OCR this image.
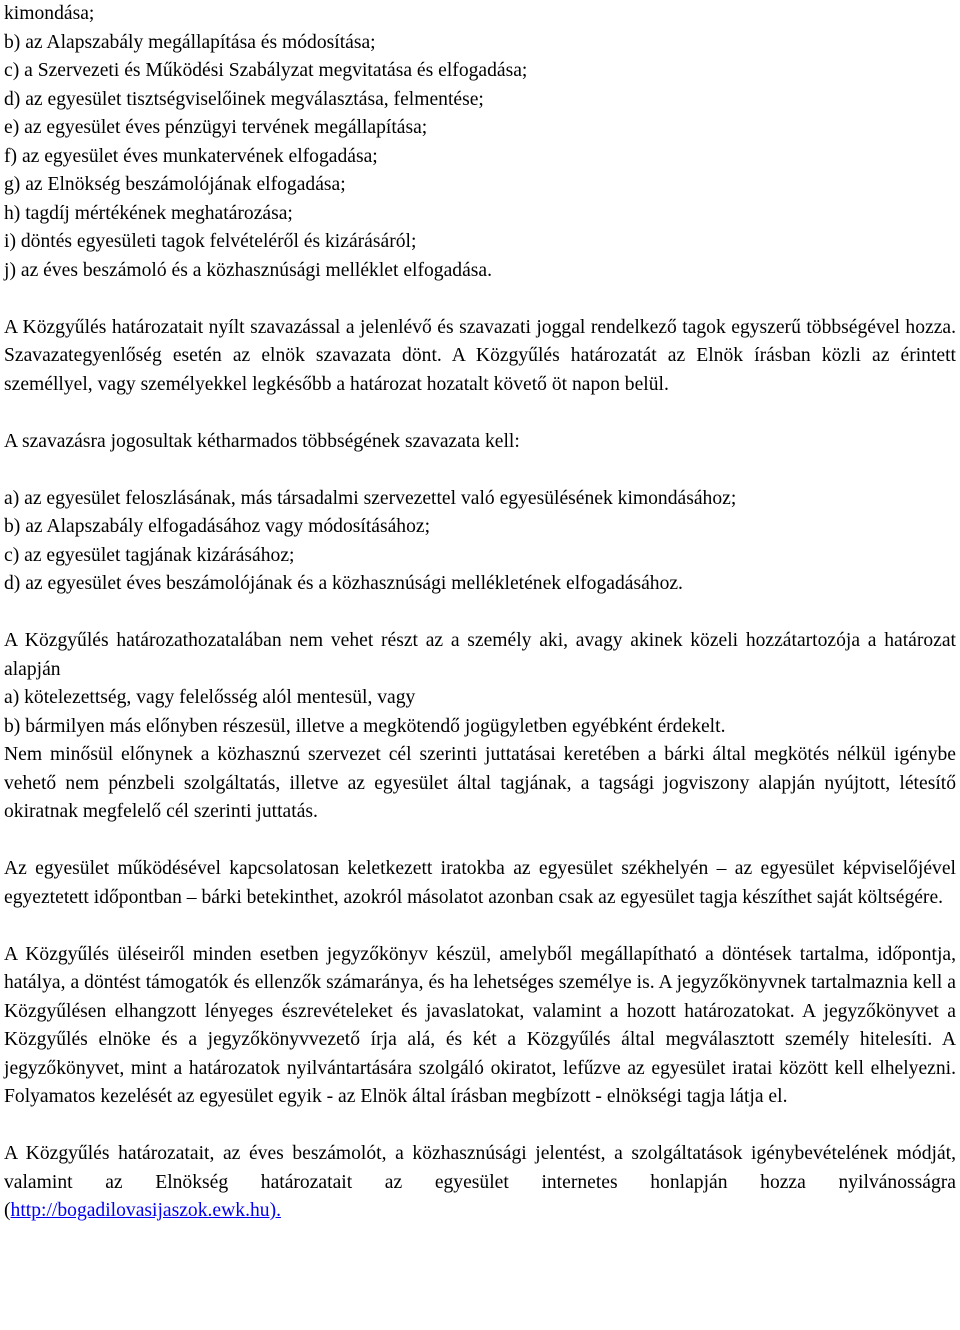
kimondása;
b) az Alapszabály megállapítása és módosítása;
c) a Szervezeti és Működési Szabályzat megvitatása és elfogadása;
d) az egyesület tisztségviselőinek megválasztása, felmentése;
e) az egyesület éves pénzügyi tervének megállapítása;
f) az egyesület éves munkatervének elfogadása;
g) az Elnökség beszámolójának elfogadása;
h) tagdíj mértékének meghatározása;
i) döntés egyesületi tagok felvételéről és kizárásáról;
j) az éves beszámoló és a közhasznúsági melléklet elfogadása.

A Közgyűlés határozatait nyílt szavazással a jelenlévő és szavazati joggal rendelkező tagok egyszerű többségével hozza. Szavazategyenlőség esetén az elnök szavazata dönt. A Közgyűlés határozatát az Elnök írásban közli az érintett személlyel, vagy személyekkel legkésőbb a határozat hozatalt követő öt napon belül.

A szavazásra jogosultak kétharmados többségének szavazata kell:

a) az egyesület feloszlásának, más társadalmi szervezettel való egyesülésének kimondásához;
b) az Alapszabály elfogadásához vagy módosításához;
c) az egyesület tagjának kizárásához;
d) az egyesület éves beszámolójának és a közhasznúsági mellékletének elfogadásához.

A Közgyűlés határozathozatalában nem vehet részt az a személy aki, avagy akinek közeli hozzátartozója a határozat alapján

a) kötelezettség, vagy felelősség alól mentesül, vagy
b) bármilyen más előnyben részesül, illetve a megkötendő jogügyletben egyébként érdekelt.

Nem minősül előnynek a közhasznú szervezet cél szerinti juttatásai keretében a bárki által megkötés nélkül igénybe vehető nem pénzbeli szolgáltatás, illetve az egyesület által tagjának, a tagsági jogviszony alapján nyújtott, létesítő okiratnak megfelelő cél szerinti juttatás.

Az egyesület működésével kapcsolatosan keletkezett iratokba az egyesület székhelyén – az egyesület képviselőjével egyeztetett időpontban – bárki betekinthet, azokról másolatot azonban csak az egyesület tagja készíthet saját költségére.

A Közgyűlés üléseiről minden esetben jegyzőkönyv készül, amelyből megállapítható a döntések tartalma, időpontja, hatálya, a döntést támogatók és ellenzők számaránya, és ha lehetséges személye is. A jegyzőkönyvnek tartalmaznia kell a Közgyűlésen elhangzott lényeges észrevételeket és javaslatokat, valamint a hozott határozatokat. A jegyzőkönyvet a Közgyűlés elnöke és a jegyzőkönyvvezető írja alá, és két a Közgyűlés által megválasztott személy hitelesíti. A jegyzőkönyvet, mint a határozatok nyilvántartására szolgáló okiratot, lefűzve az egyesület iratai között kell elhelyezni. Folyamatos kezelését az egyesület egyik - az Elnök által írásban megbízott - elnökségi tagja látja el.

A Közgyűlés határozatait, az éves beszámolót, a közhasznúsági jelentést, a szolgáltatások igénybevételének módját, valamint az Elnökség határozatait az egyesület internetes honlapján hozza nyilvánosságra (http://bogadilovasijaszok.ewk.hu).
